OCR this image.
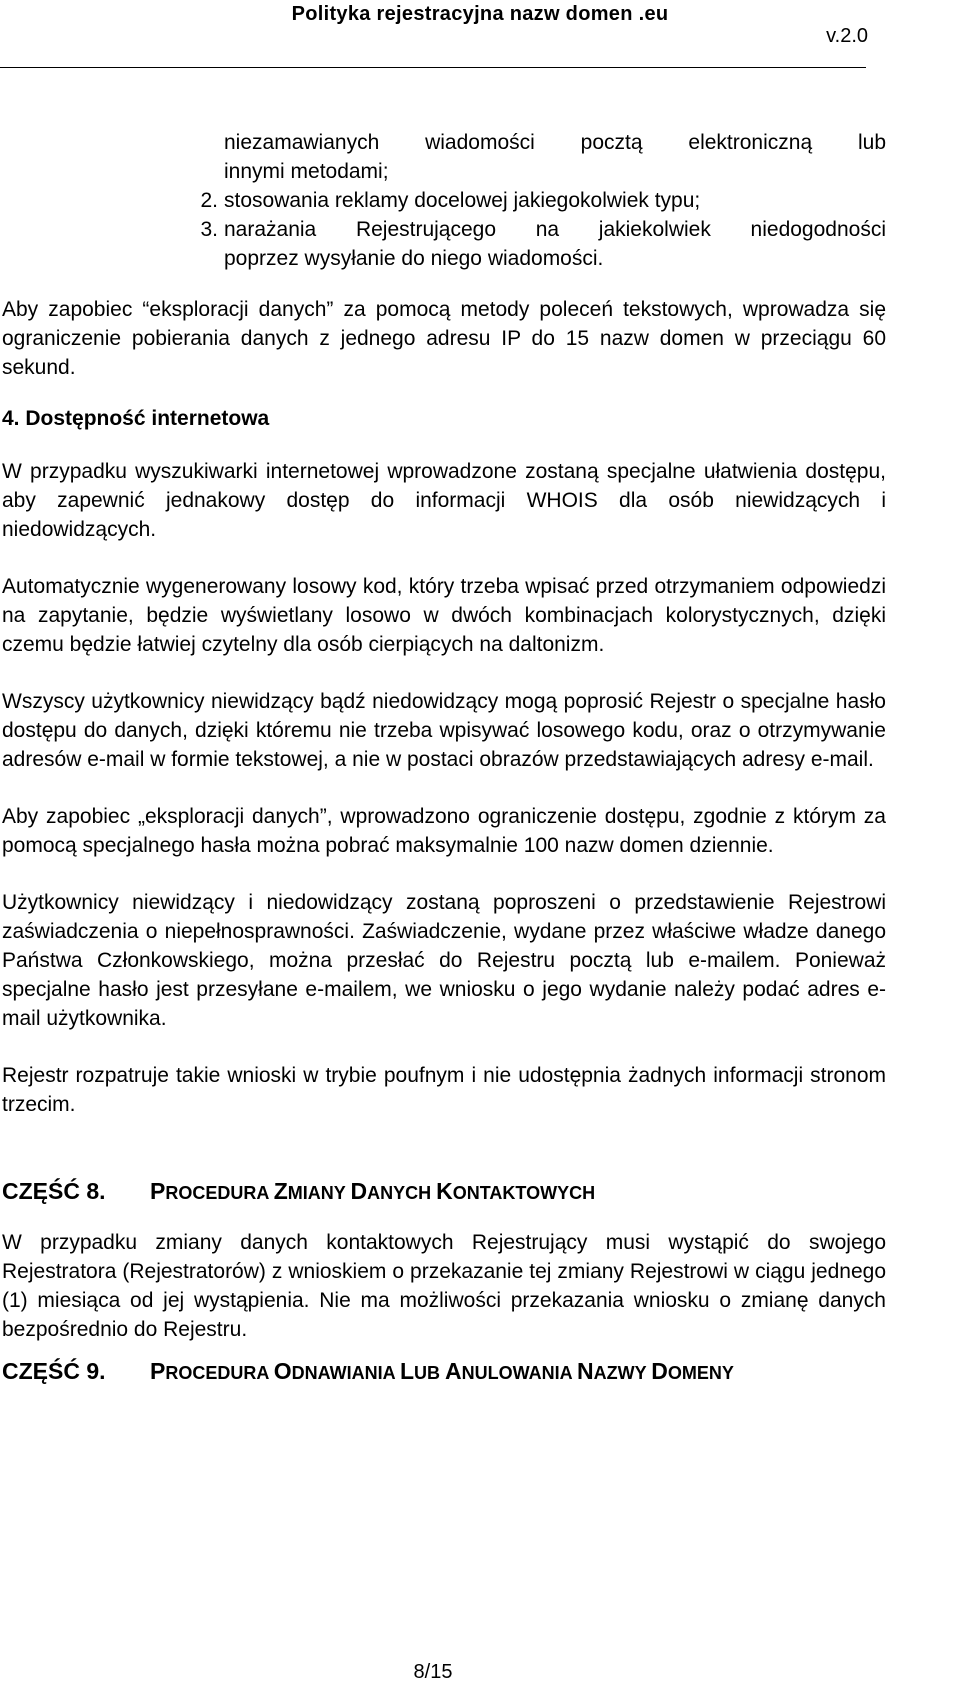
Polityka rejestracyjna nazw domen .eu
v.2.0
niezamawianych wiadomości pocztą elektroniczną lub
innymi metodami;
2. stosowania reklamy docelowej jakiegokolwiek typu;
3. narażania Rejestrującego na jakiekolwiek niedogodności
poprzez wysyłanie do niego wiadomości.

Aby zapobiec “eksploracji danych” za pomocą metody poleceń tekstowych, wprowadza się ograniczenie pobierania danych z jednego adresu IP do 15 nazw domen w przeciągu 60 sekund.

4. Dostępność internetowa

W przypadku wyszukiwarki internetowej wprowadzone zostaną specjalne ułatwienia dostępu, aby zapewnić jednakowy dostęp do informacji WHOIS dla osób niewidzących i niedowidzących.

Automatycznie wygenerowany losowy kod, który trzeba wpisać przed otrzymaniem odpowiedzi na zapytanie, będzie wyświetlany losowo w dwóch kombinacjach kolorystycznych, dzięki czemu będzie łatwiej czytelny dla osób cierpiących na daltonizm.

Wszyscy użytkownicy niewidzący bądź niedowidzący mogą poprosić Rejestr o specjalne hasło dostępu do danych, dzięki któremu nie trzeba wpisywać losowego kodu, oraz o otrzymywanie adresów e-mail w formie tekstowej, a nie w postaci obrazów przedstawiających adresy e-mail.

Aby zapobiec „eksploracji danych”, wprowadzono ograniczenie dostępu, zgodnie z którym za pomocą specjalnego hasła można pobrać maksymalnie 100 nazw domen dziennie.

Użytkownicy niewidzący i niedowidzący zostaną poproszeni o przedstawienie Rejestrowi zaświadczenia o niepełnosprawności. Zaświadczenie, wydane przez właściwe władze danego Państwa Członkowskiego, można przesłać do Rejestru pocztą lub e-mailem. Ponieważ specjalne hasło jest przesyłane e-mailem, we wniosku o jego wydanie należy podać adres e-mail użytkownika.

Rejestr rozpatruje takie wnioski w trybie poufnym i nie udostępnia żadnych informacji stronom trzecim.

CZĘŚĆ 8.	PROCEDURA ZMIANY DANYCH KONTAKTOWYCH

W przypadku zmiany danych kontaktowych Rejestrujący musi wystąpić do swojego Rejestratora (Rejestratorów) z wnioskiem o przekazanie tej zmiany Rejestrowi w ciągu jednego (1) miesiąca od jej wystąpienia. Nie ma możliwości przekazania wniosku o zmianę danych bezpośrednio do Rejestru.

CZĘŚĆ 9.	PROCEDURA ODNAWIANIA LUB ANULOWANIA NAZWY DOMENY
8/15
